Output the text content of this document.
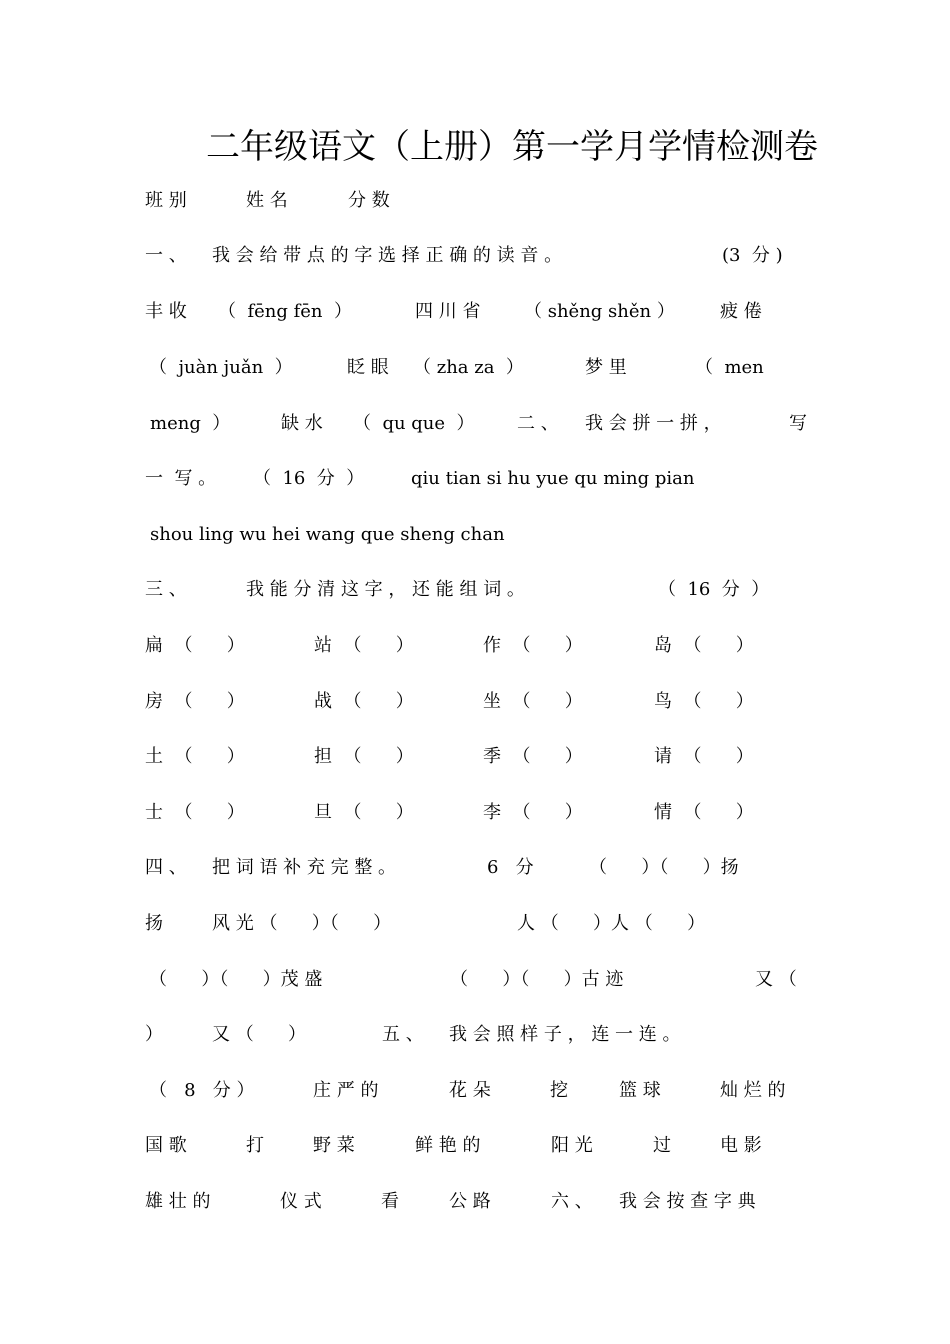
二年级语文（上册）第一学月学情检测卷
班 别	姓 名	分 数
一 、 我 会 给 带 点 的 字 选 择 正 确 的 读 音 。	(3  分 )
丰 收 （  fēng fēn  ）	四 川 省 （ shěng shěn ）	疲 倦
（  juàn juǎn  ）	眨 眼 （ zha za  ）	梦 里	（  men
meng  ）	缺 水 （  qu que  ） 二 、 我 会 拼 一 拼 ，	写
一  写 。 （  16  分  ）	qiu tian si hu yue qu ming pian
shou ling wu hei wang que sheng chan
三 、	我 能 分 清 这 字 ， 还 能 组 词 。	（  16  分  ）
扁  （      ）	站  （      ）	作  （      ）	岛  （      ）
房  （      ）	战  （      ）	坐  （      ）	鸟  （      ）
土  （      ）	担  （      ）	季  （      ）	请  （      ）
士  （      ）	旦  （      ）	李  （      ）	情  （      ）
四 、 把 词 语 补 充 完 整 。	6   分	（      ）（      ）扬
扬	风 光 （      ）（      ）	人 （      ）人 （      ）
（      ）（      ）茂 盛	（      ）（      ）古 迹	又 （
）	又 （      ）	五 、 我 会 照 样 子 ， 连 一 连 。
（   8   分 ）	庄 严 的	花 朵	挖	篮 球	灿 烂 的
国 歌	打	野 菜	鲜 艳 的	阳 光	过	电 影
雄 壮 的	仪 式	看	公 路	六 、 我 会 按 查 字 典
